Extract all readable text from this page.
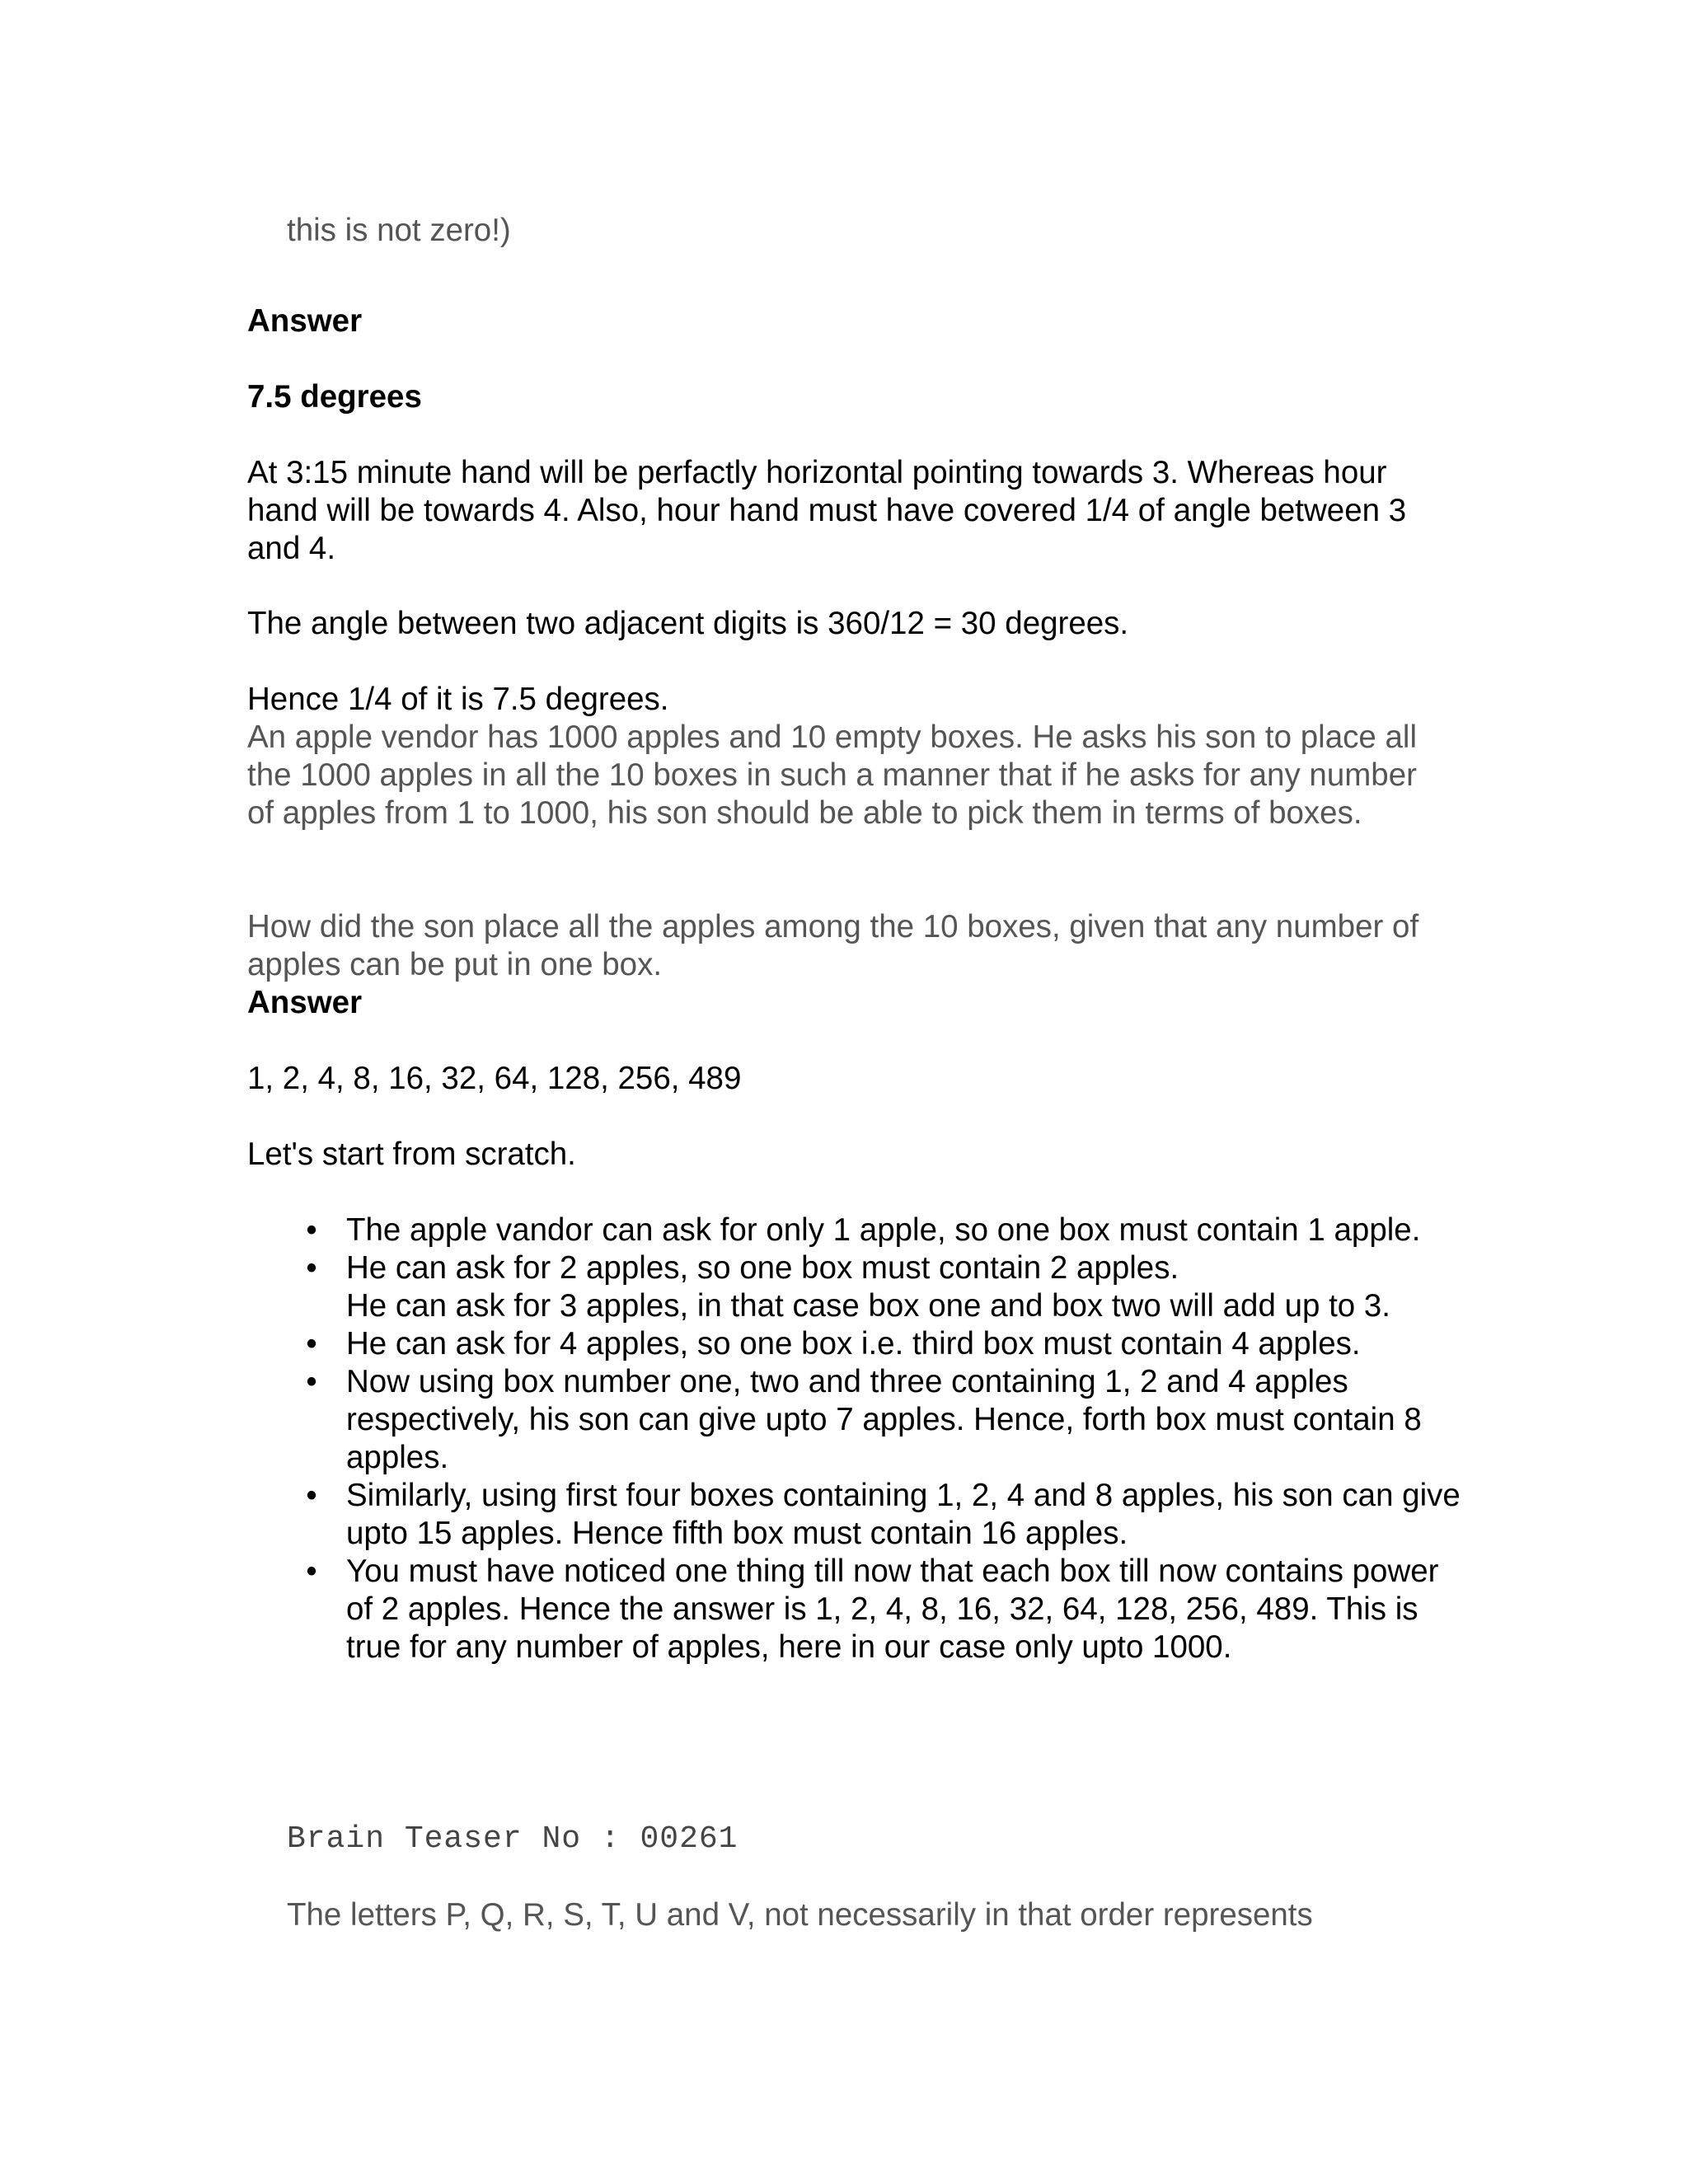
this is not zero!)

Answer

7.5 degrees

At 3:15 minute hand will be perfactly horizontal pointing towards 3. Whereas hour hand will be towards 4. Also, hour hand must have covered 1/4 of angle between 3 and 4.

The angle between two adjacent digits is 360/12 = 30 degrees.

Hence 1/4 of it is 7.5 degrees.

An apple vendor has 1000 apples and 10 empty boxes. He asks his son to place all the 1000 apples in all the 10 boxes in such a manner that if he asks for any number of apples from 1 to 1000, his son should be able to pick them in terms of boxes.

How did the son place all the apples among the 10 boxes, given that any number of apples can be put in one box.

Answer

1, 2, 4, 8, 16, 32, 64, 128, 256, 489

Let's start from scratch.

• The apple vandor can ask for only 1 apple, so one box must contain 1 apple.
• He can ask for 2 apples, so one box must contain 2 apples.
He can ask for 3 apples, in that case box one and box two will add up to 3.
• He can ask for 4 apples, so one box i.e. third box must contain 4 apples.
• Now using box number one, two and three containing 1, 2 and 4 apples respectively, his son can give upto 7 apples. Hence, forth box must contain 8 apples.
• Similarly, using first four boxes containing 1, 2, 4 and 8 apples, his son can give upto 15 apples. Hence fifth box must contain 16 apples.
• You must have noticed one thing till now that each box till now contains power of 2 apples. Hence the answer is 1, 2, 4, 8, 16, 32, 64, 128, 256, 489. This is true for any number of apples, here in our case only upto 1000.

Brain Teaser No : 00261

The letters P, Q, R, S, T, U and V, not necessarily in that order represents
